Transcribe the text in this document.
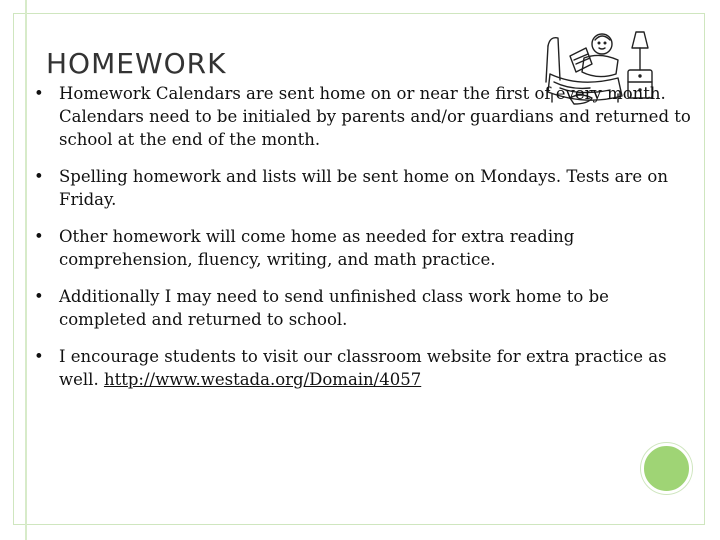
HOMEWORK
• Homework Calendars are sent home on or near the first of every month. Calendars need to be initialed by parents and/or guardians and returned to school at the end of the month.
• Spelling homework and lists will be sent home on Mondays. Tests are on Friday.
• Other homework will come home as needed for extra reading comprehension, fluency, writing, and math practice.
• Additionally I may need to send unfinished class work home to be completed and returned to school.
• I encourage students to visit our classroom website for extra practice as well. http://www.westada.org/Domain/4057
